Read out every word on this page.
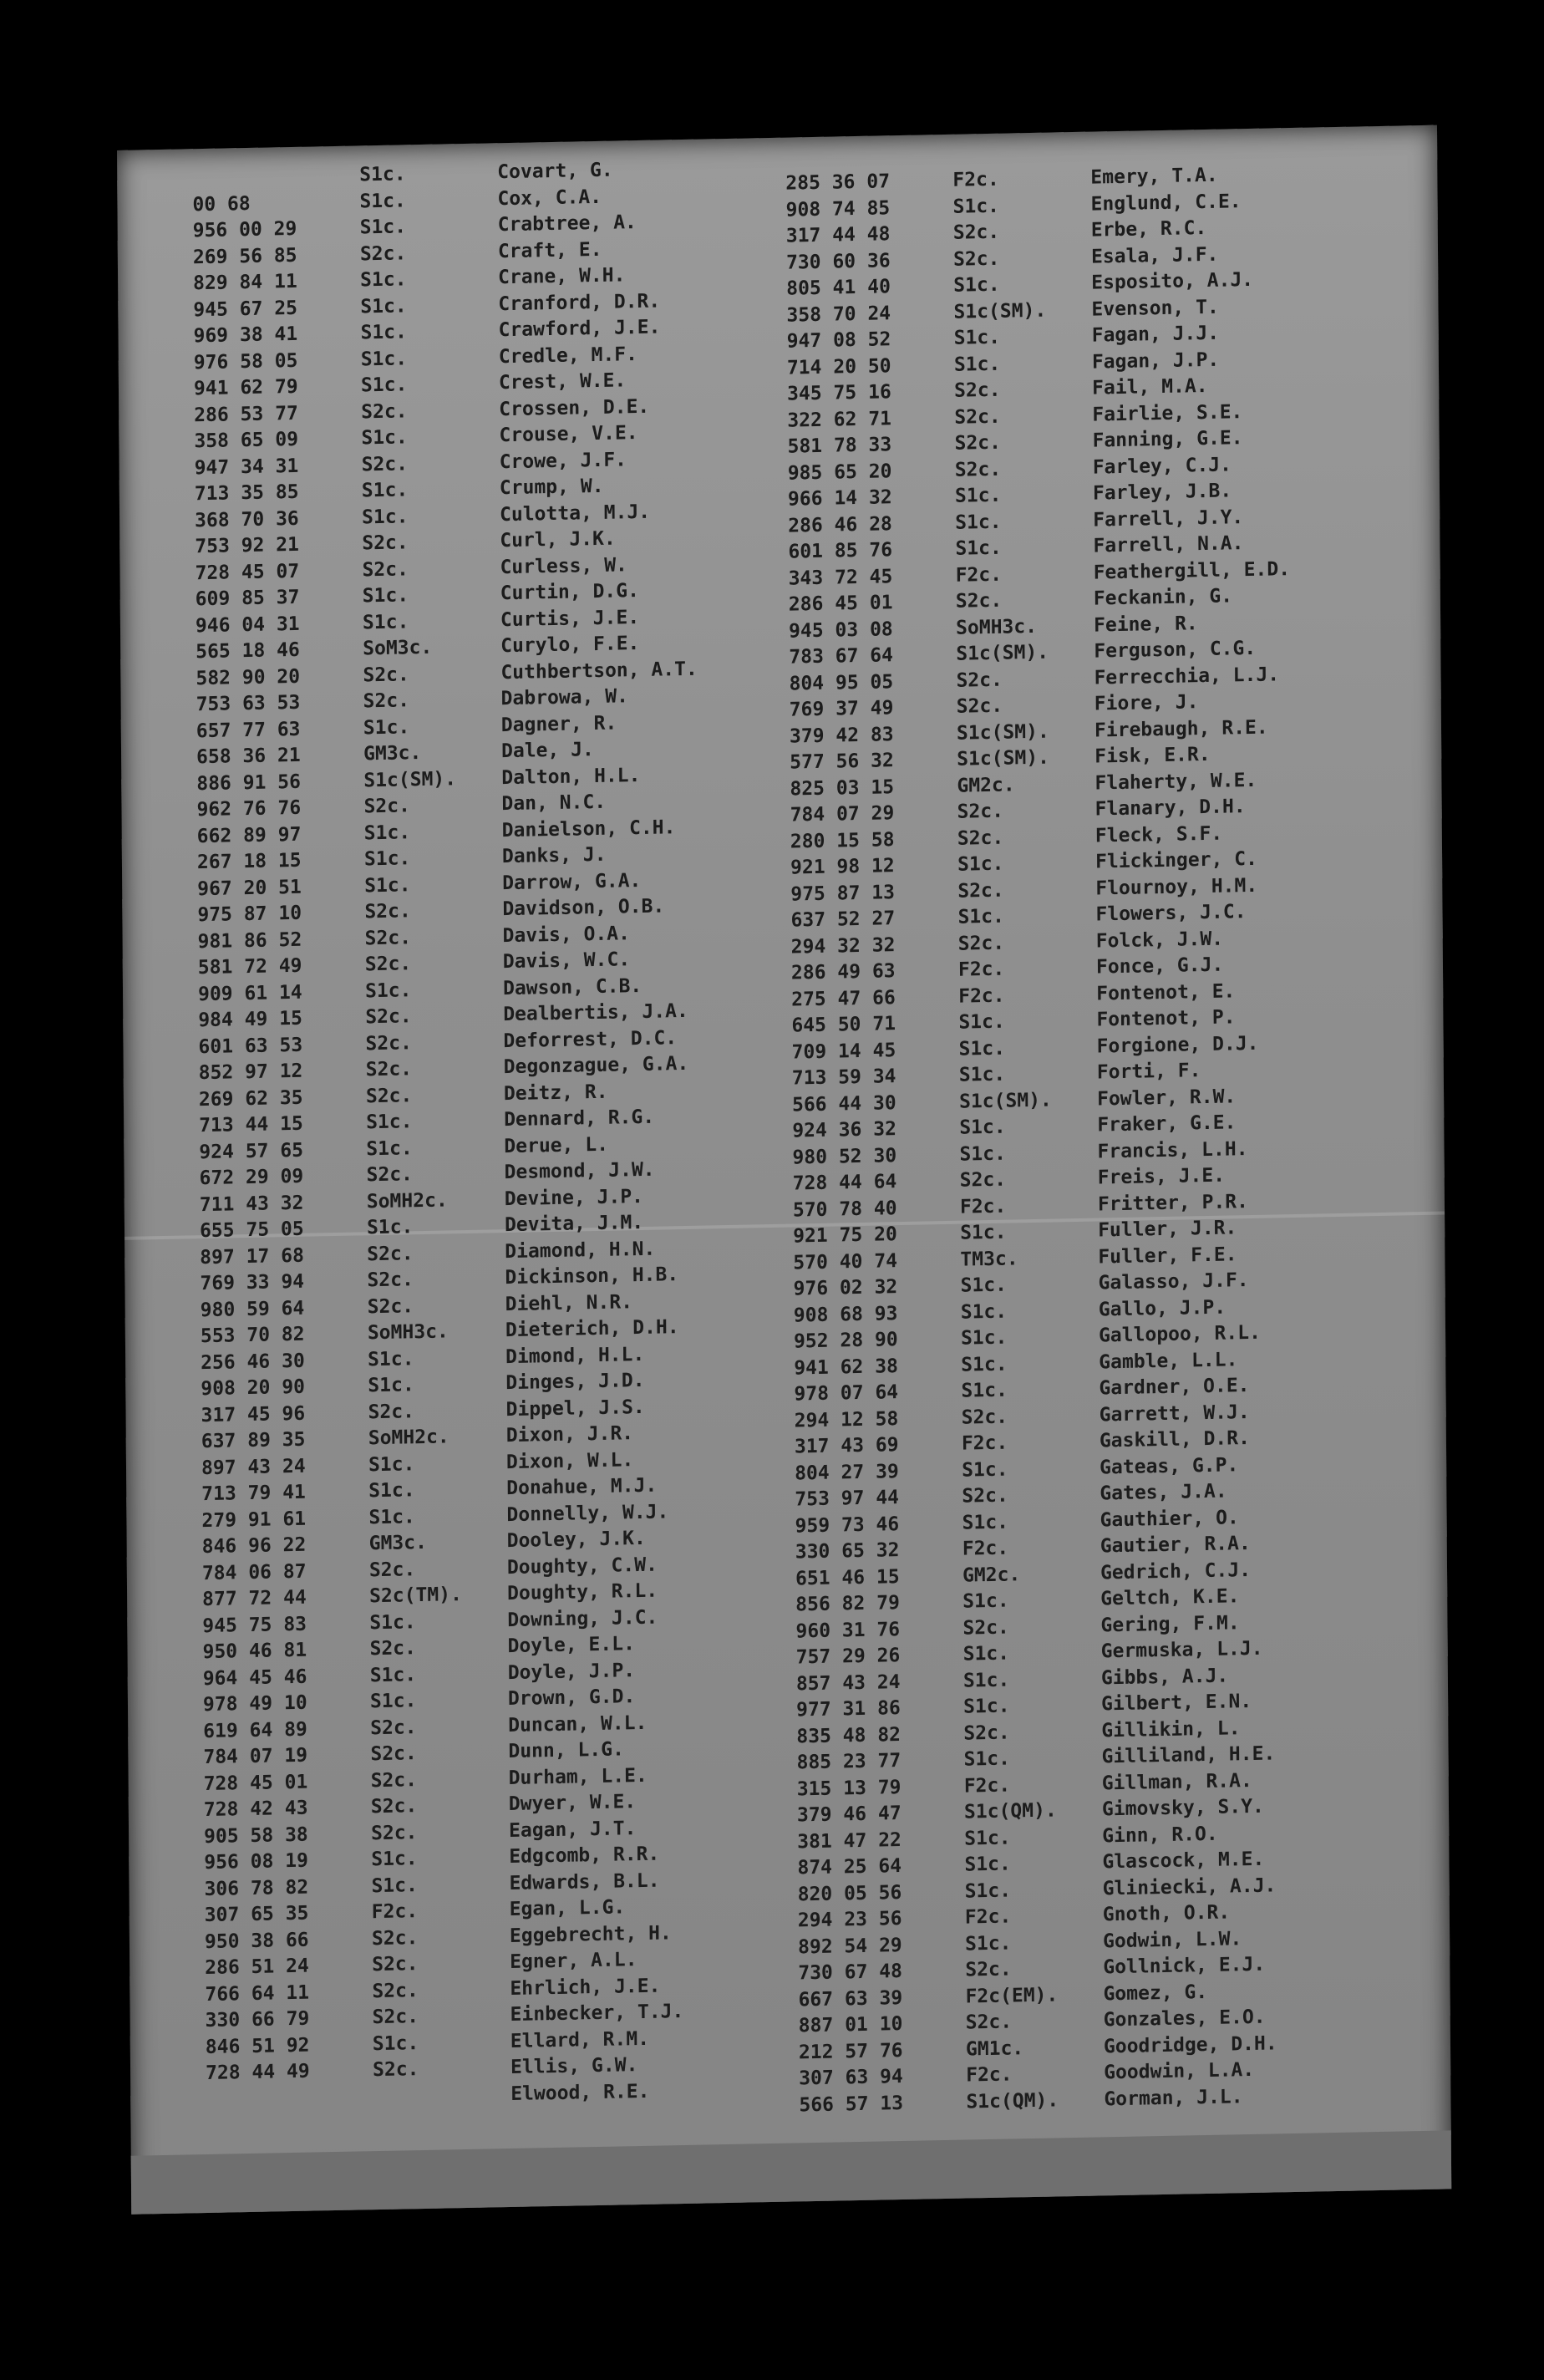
S1c.	Covart, G.
00 68	S1c.	Cox, C.A.
956 00 29	S1c.	Crabtree, A.
269 56 85	S2c.	Craft, E.
829 84 11	S1c.	Crane, W.H.
945 67 25	S1c.	Cranford, D.R.
969 38 41	S1c.	Crawford, J.E.
976 58 05	S1c.	Credle, M.F.
941 62 79	S1c.	Crest, W.E.
286 53 77	S2c.	Crossen, D.E.
358 65 09	S1c.	Crouse, V.E.
947 34 31	S2c.	Crowe, J.F.
713 35 85	S1c.	Crump, W.
368 70 36	S1c.	Culotta, M.J.
753 92 21	S2c.	Curl, J.K.
728 45 07	S2c.	Curless, W.
609 85 37	S1c.	Curtin, D.G.
946 04 31	S1c.	Curtis, J.E.
565 18 46	SoM3c.	Curylo, F.E.
582 90 20	S2c.	Cuthbertson, A.T.
753 63 53	S2c.	Dabrowa, W.
657 77 63	S1c.	Dagner, R.
658 36 21	GM3c.	Dale, J.
886 91 56	S1c(SM). Dalton, H.L.
962 76 76	S2c.	Dan, N.C.
662 89 97	S1c.	Danielson, C.H.
267 18 15	S1c.	Danks, J.
967 20 51	S1c.	Darrow, G.A.
975 87 10	S2c.	Davidson, O.B.
981 86 52	S2c.	Davis, O.A.
581 72 49	S2c.	Davis, W.C.
909 61 14	S1c.	Dawson, C.B.
984 49 15	S2c.	Dealbertis, J.A.
601 63 53	S2c.	Deforrest, D.C.
852 97 12	S2c.	Degonzague, G.A.
269 62 35	S2c.	Deitz, R.
713 44 15	S1c.	Dennard, R.G.
924 57 65	S1c.	Derue, L.
672 29 09	S2c.	Desmond, J.W.
711 43 32	SoMH2c.	Devine, J.P.
655 75 05	S1c.	Devita, J.M.
897 17 68	S2c.	Diamond, H.N.
769 33 94	S2c.	Dickinson, H.B.
980 59 64	S2c.	Diehl, N.R.
553 70 82	SoMH3c.	Dieterich, D.H.
256 46 30	S1c.	Dimond, H.L.
908 20 90	S1c.	Dinges, J.D.
317 45 96	S2c.	Dippel, J.S.
637 89 35	SoMH2c.	Dixon, J.R.
897 43 24	S1c.	Dixon, W.L.
713 79 41	S1c.	Donahue, M.J.
279 91 61	S1c.	Donnelly, W.J.
846 96 22	GM3c.	Dooley, J.K.
784 06 87	S2c.	Doughty, C.W.
877 72 44	S2c(TM). Doughty, R.L.
945 75 83	S1c.	Downing, J.C.
950 46 81	S2c.	Doyle, E.L.
964 45 46	S1c.	Doyle, J.P.
978 49 10	S1c.	Drown, G.D.
619 64 89	S2c.	Duncan, W.L.
784 07 19	S2c.	Dunn, L.G.
728 45 01	S2c.	Durham, L.E.
728 42 43	S2c.	Dwyer, W.E.
905 58 38	S2c.	Eagan, J.T.
956 08 19	S1c.	Edgcomb, R.R.
306 78 82	S1c.	Edwards, B.L.
307 65 35	F2c.	Egan, L.G.
950 38 66	S2c.	Eggebrecht, H.
286 51 24	S2c.	Egner, A.L.
766 64 11	S2c.	Ehrlich, J.E.
330 66 79	S2c.	Einbecker, T.J.
846 51 92	S1c.	Ellard, R.M.
728 44 49	S2c.	Ellis, G.W.
Elwood, R.E.
285 36 07	F2c.	Emery, T.A.
908 74 85	S1c.	Englund, C.E.
317 44 48	S2c.	Erbe, R.C.
730 60 36	S2c.	Esala, J.F.
805 41 40	S1c.	Esposito, A.J.
358 70 24	S1c(SM). Evenson, T.
947 08 52	S1c.	Fagan, J.J.
714 20 50	S1c.	Fagan, J.P.
345 75 16	S2c.	Fail, M.A.
322 62 71	S2c.	Fairlie, S.E.
581 78 33	S2c.	Fanning, G.E.
985 65 20	S2c.	Farley, C.J.
966 14 32	S1c.	Farley, J.B.
286 46 28	S1c.	Farrell, J.Y.
601 85 76	S1c.	Farrell, N.A.
343 72 45	F2c.	Feathergill, E.D.
286 45 01	S2c.	Feckanin, G.
945 03 08	SoMH3c.	Feine, R.
783 67 64	S1c(SM). Ferguson, C.G.
804 95 05	S2c.	Ferrecchia, L.J.
769 37 49	S2c.	Fiore, J.
379 42 83	S1c(SM). Firebaugh, R.E.
577 56 32	S1c(SM). Fisk, E.R.
825 03 15	GM2c.	Flaherty, W.E.
784 07 29	S2c.	Flanary, D.H.
280 15 58	S2c.	Fleck, S.F.
921 98 12	S1c.	Flickinger, C.
975 87 13	S2c.	Flournoy, H.M.
637 52 27	S1c.	Flowers, J.C.
294 32 32	S2c.	Folck, J.W.
286 49 63	F2c.	Fonce, G.J.
275 47 66	F2c.	Fontenot, E.
645 50 71	S1c.	Fontenot, P.
709 14 45	S1c.	Forgione, D.J.
713 59 34	S1c.	Forti, F.
566 44 30	S1c(SM). Fowler, R.W.
924 36 32	S1c.	Fraker, G.E.
980 52 30	S1c.	Francis, L.H.
728 44 64	S2c.	Freis, J.E.
570 78 40	F2c.	Fritter, P.R.
921 75 20	S1c.	Fuller, J.R.
570 40 74	TM3c.	Fuller, F.E.
976 02 32	S1c.	Galasso, J.F.
908 68 93	S1c.	Gallo, J.P.
952 28 90	S1c.	Gallopoo, R.L.
941 62 38	S1c.	Gamble, L.L.
978 07 64	S1c.	Gardner, O.E.
294 12 58	S2c.	Garrett, W.J.
317 43 69	F2c.	Gaskill, D.R.
804 27 39	S1c.	Gateas, G.P.
753 97 44	S2c.	Gates, J.A.
959 73 46	S1c.	Gauthier, O.
330 65 32	F2c.	Gautier, R.A.
651 46 15	GM2c.	Gedrich, C.J.
856 82 79	S1c.	Geltch, K.E.
960 31 76	S2c.	Gering, F.M.
757 29 26	S1c.	Germuska, L.J.
857 43 24	S1c.	Gibbs, A.J.
977 31 86	S1c.	Gilbert, E.N.
835 48 82	S2c.	Gillikin, L.
885 23 77	S1c.	Gilliland, H.E.
315 13 79	F2c.	Gillman, R.A.
379 46 47	S1c(QM). Gimovsky, S.Y.
381 47 22	S1c.	Ginn, R.O.
874 25 64	S1c.	Glascock, M.E.
820 05 56	S1c.	Gliniecki, A.J.
294 23 56	F2c.	Gnoth, O.R.
892 54 29	S1c.	Godwin, L.W.
730 67 48	S2c.	Gollnick, E.J.
667 63 39	F2c(EM). Gomez, G.
887 01 10	S2c.	Gonzales, E.O.
212 57 76	GM1c.	Goodridge, D.H.
307 63 94	F2c.	Goodwin, L.A.
566 57 13	S1c(QM). Gorman, J.L.
